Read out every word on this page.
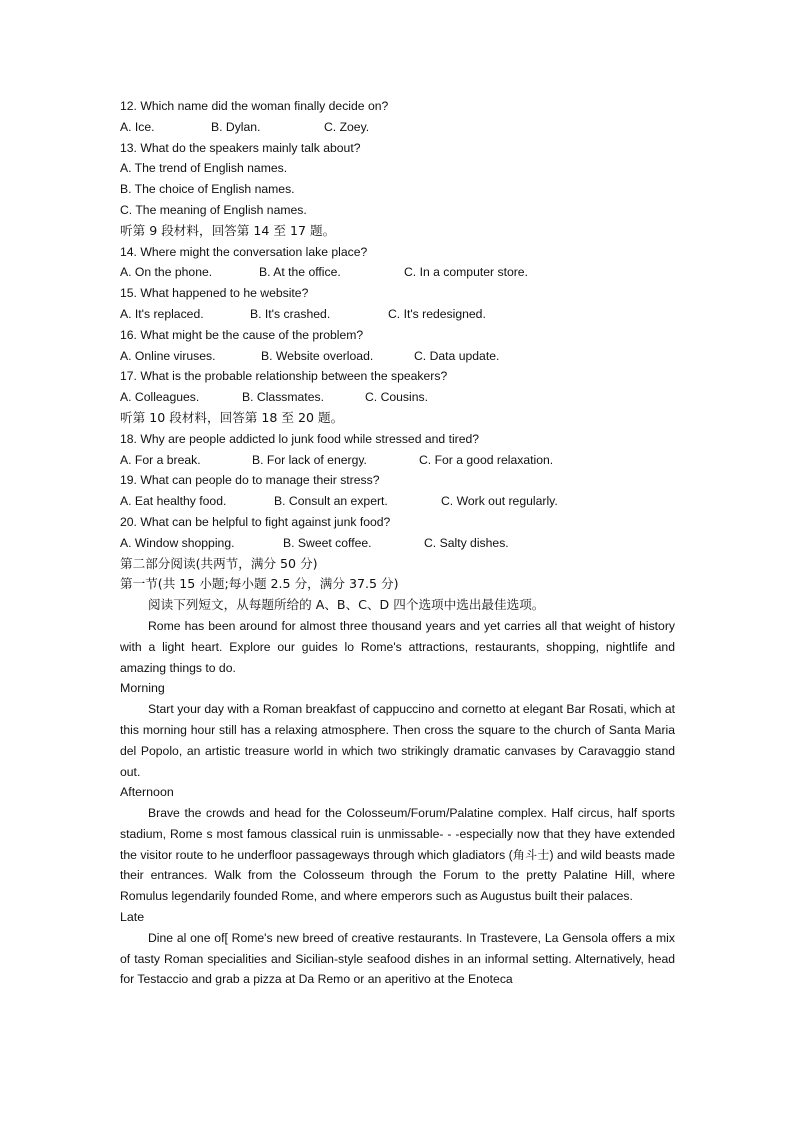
12. Which name did the woman finally decide on?
A. Ice.	B. Dylan.	C. Zoey.
13. What do the speakers mainly talk about?
A. The trend of English names.
B. The choice of English names.
C. The meaning of English names.
听第 9 段材料，回答第 14 至 17 题。
14. Where might the conversation lake place?
A. On the phone.	B. At the office.	C. In a computer store.
15. What happened to he website?
A. It's replaced.	B. It's crashed.	C. It's redesigned.
16. What might be the cause of the problem?
A. Online viruses.	B. Website overload.	C. Data update.
17. What is the probable relationship between the speakers?
A. Colleagues.	B. Classmates.	C. Cousins.
听第 10 段材料，回答第 18 至 20 题。
18. Why are people addicted lo junk food while stressed and tired?
A. For a break.	B. For lack of energy.	C. For a good relaxation.
19. What can people do to manage their stress?
A. Eat healthy food.	B. Consult an expert.	C. Work out regularly.
20. What can be helpful to fight against junk food?
A. Window shopping.	B. Sweet coffee.	C. Salty dishes.
第二部分阅读(共两节，满分 50 分)
第一节(共 15 小题;每小题 2.5 分，满分 37.5 分)
阅读下列短文，从每题所给的 A、B、C、D 四个选项中选出最佳选项。
Rome has been around for almost three thousand years and yet carries all that weight of history with a light heart. Explore our guides lo Rome's attractions, restaurants, shopping, nightlife and amazing things to do.
Morning
Start your day with a Roman breakfast of cappuccino and cornetto at elegant Bar Rosati, which at this morning hour still has a relaxing atmosphere. Then cross the square to the church of Santa Maria del Popolo, an artistic treasure world in which two strikingly dramatic canvases by Caravaggio stand out.
Afternoon
Brave the crowds and head for the Colosseum/Forum/Palatine complex. Half circus, half sports stadium, Rome s most famous classical ruin is unmissable- - -especially now that they have extended the visitor route to he underfloor passageways through which gladiators (角斗士) and wild beasts made their entrances. Walk from the Colosseum through the Forum to the pretty Palatine Hill, where Romulus legendarily founded Rome, and where emperors such as Augustus built their palaces.
Late
Dine al one of[ Rome's new breed of creative restaurants. In Trastevere, La Gensola offers a mix of tasty Roman specialities and Sicilian-style seafood dishes in an informal setting. Alternatively, head for Testaccio and grab a pizza at Da Remo or an aperitivo at the Enoteca
